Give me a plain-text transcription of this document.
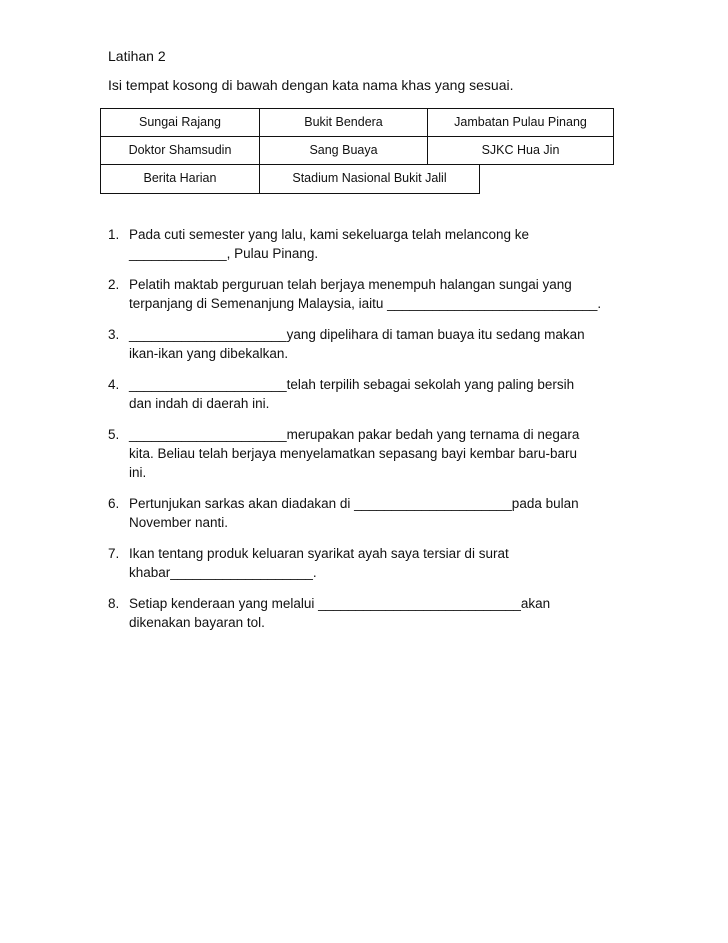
Latihan 2
Isi tempat kosong di bawah dengan kata nama khas yang sesuai.
Sungai Rajang	Bukit Bendera	Jambatan Pulau Pinang
Doktor Shamsudin	Sang Buaya	SJKC Hua Jin
Berita Harian	Stadium Nasional Bukit Jalil
1. Pada cuti semester yang lalu, kami sekeluarga telah melancong ke
_____________, Pulau Pinang.
2. Pelatih maktab perguruan telah berjaya menempuh halangan sungai yang
terpanjang di Semenanjung Malaysia, iaitu ____________________________.
3. _____________________yang dipelihara di taman buaya itu sedang makan
ikan-ikan yang dibekalkan.
4. _____________________telah terpilih sebagai sekolah yang paling bersih
dan indah di daerah ini.
5. _____________________merupakan pakar bedah yang ternama di negara
kita. Beliau telah berjaya menyelamatkan sepasang bayi kembar baru-baru
ini.
6. Pertunjukan sarkas akan diadakan di _____________________pada bulan
November nanti.
7. Ikan tentang produk keluaran syarikat ayah saya tersiar di surat
khabar___________________.
8. Setiap kenderaan yang melalui ___________________________akan
dikenakan bayaran tol.
